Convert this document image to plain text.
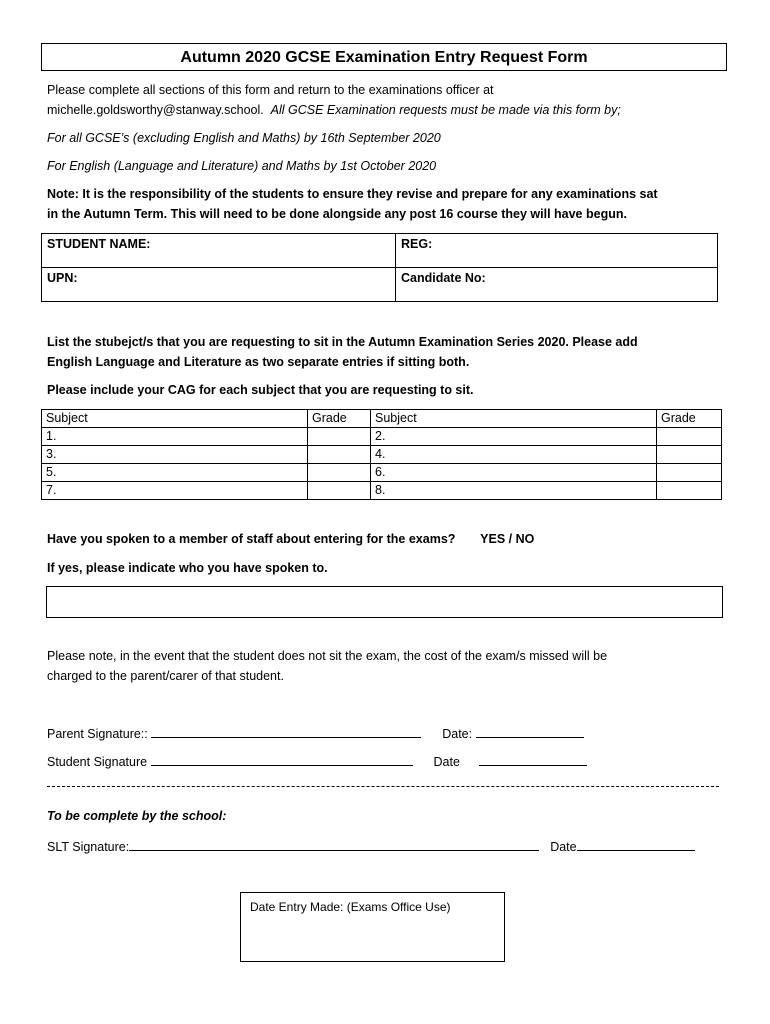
Autumn 2020 GCSE Examination Entry Request Form
Please complete all sections of this form and return to the examinations officer at
michelle.goldsworthy@stanway.school. All GCSE Examination requests must be made via this form by;
For all GCSE’s (excluding English and Maths) by 16th September 2020
For English (Language and Literature) and Maths by 1st October 2020
Note: It is the responsibility of the students to ensure they revise and prepare for any examinations sat
in the Autumn Term. This will need to be done alongside any post 16 course they will have begun.
STUDENT NAME:	REG:
UPN:	Candidate No:
List the stubejct/s that you are requesting to sit in the Autumn Examination Series 2020. Please add
English Language and Literature as two separate entries if sitting both.
Please include your CAG for each subject that you are requesting to sit.
Subject	Grade	Subject	Grade
1.		2.	
3.		4.	
5.		6.	
7.		8.	
Have you spoken to a member of staff about entering for the exams? YES / NO
If yes, please indicate who you have spoken to.
Please note, in the event that the student does not sit the exam, the cost of the exam/s missed will be
charged to the parent/carer of that student.
Parent Signature::	Date:
Student Signature	Date
To be complete by the school:
SLT Signature:	Date
Date Entry Made: (Exams Office Use)
